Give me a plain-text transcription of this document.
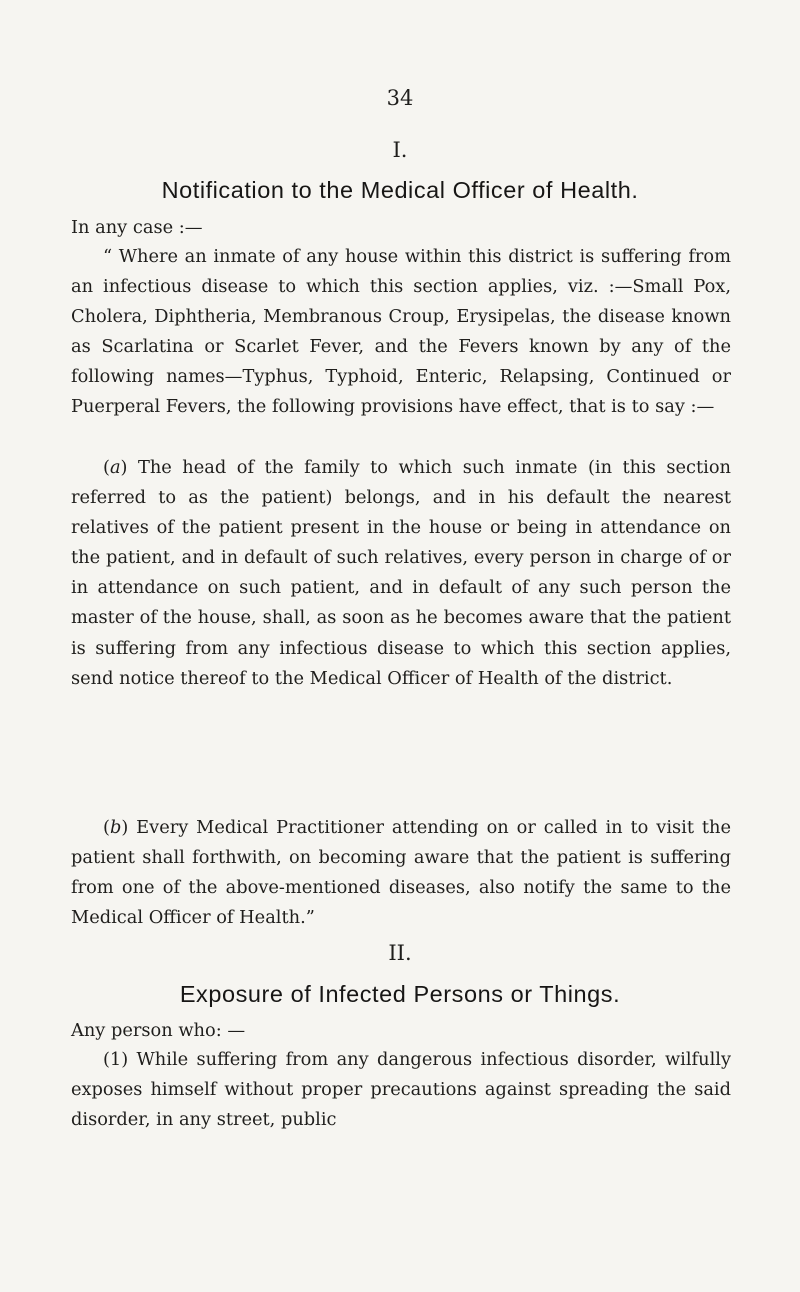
34
I.
Notification to the Medical Officer of Health.

In any case :—

“ Where an inmate of any house within this district is suffering from an infectious disease to which this section applies, viz. :—Small Pox, Cholera, Diphtheria, Membranous Croup, Erysipelas, the disease known as Scarlatina or Scarlet Fever, and the Fevers known by any of the following names—Typhus, Typhoid, Enteric, Relapsing, Continued or Puerperal Fevers, the following provisions have effect, that is to say :—

(a) The head of the family to which such inmate (in this section referred to as the patient) belongs, and in his default the nearest relatives of the patient present in the house or being in attendance on the patient, and in default of such relatives, every person in charge of or in attendance on such patient, and in default of any such person the master of the house, shall, as soon as he becomes aware that the patient is suffering from any infectious disease to which this section applies, send notice thereof to the Medical Officer of Health of the district.

(b) Every Medical Practitioner attending on or called in to visit the patient shall forthwith, on becoming aware that the patient is suffering from one of the above-mentioned diseases, also notify the same to the Medical Officer of Health.”

II.
Exposure of Infected Persons or Things.

Any person who: —

(1) While suffering from any dangerous infectious disorder, wilfully exposes himself without proper precautions against spreading the said disorder, in any street, public
